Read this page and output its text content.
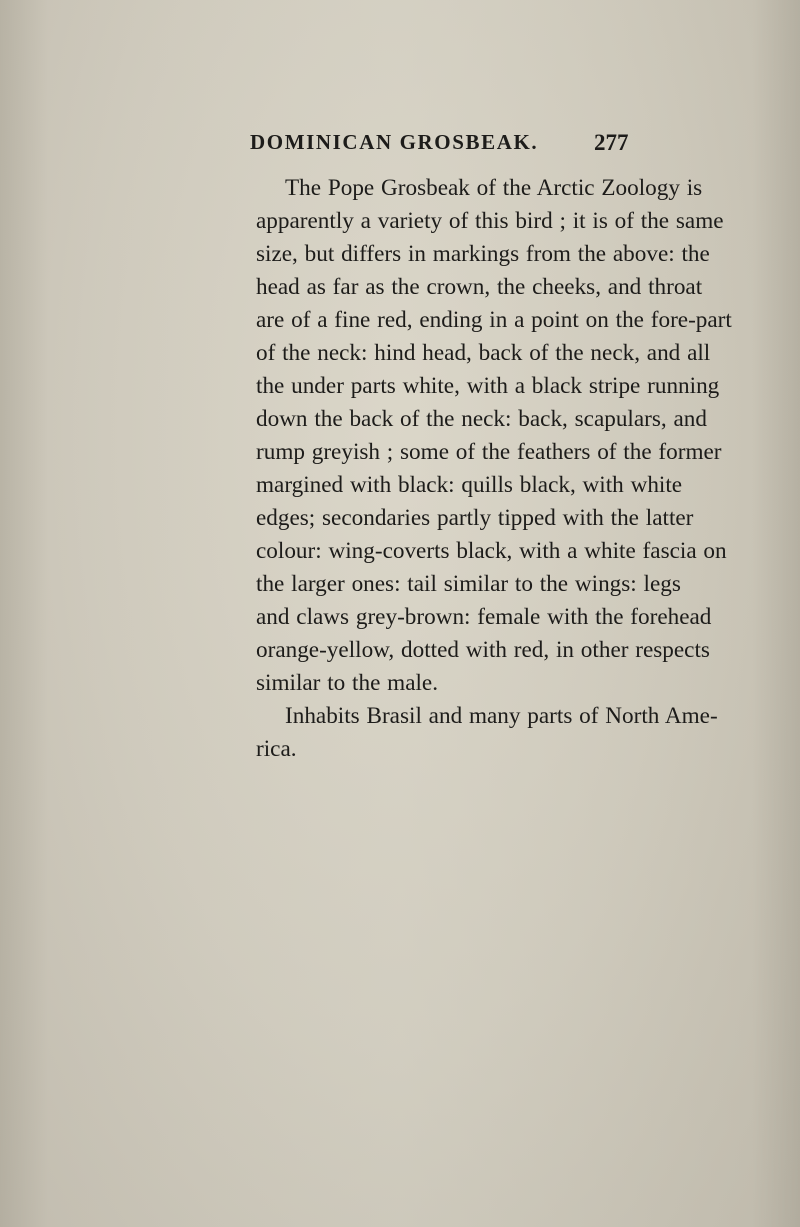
DOMINICAN GROSBEAK. 277
The Pope Grosbeak of the Arctic Zoology is
apparently a variety of this bird ; it is of the same
size, but differs in markings from the above: the
head as far as the crown, the cheeks, and throat
are of a fine red, ending in a point on the fore-part
of the neck: hind head, back of the neck, and all
the under parts white, with a black stripe running
down the back of the neck: back, scapulars, and
rump greyish ; some of the feathers of the former
margined with black: quills black, with white
edges; secondaries partly tipped with the latter
colour: wing-coverts black, with a white fascia on
the larger ones: tail similar to the wings: legs
and claws grey-brown: female with the forehead
orange-yellow, dotted with red, in other respects
similar to the male.
Inhabits Brasil and many parts of North Ame-
rica.
